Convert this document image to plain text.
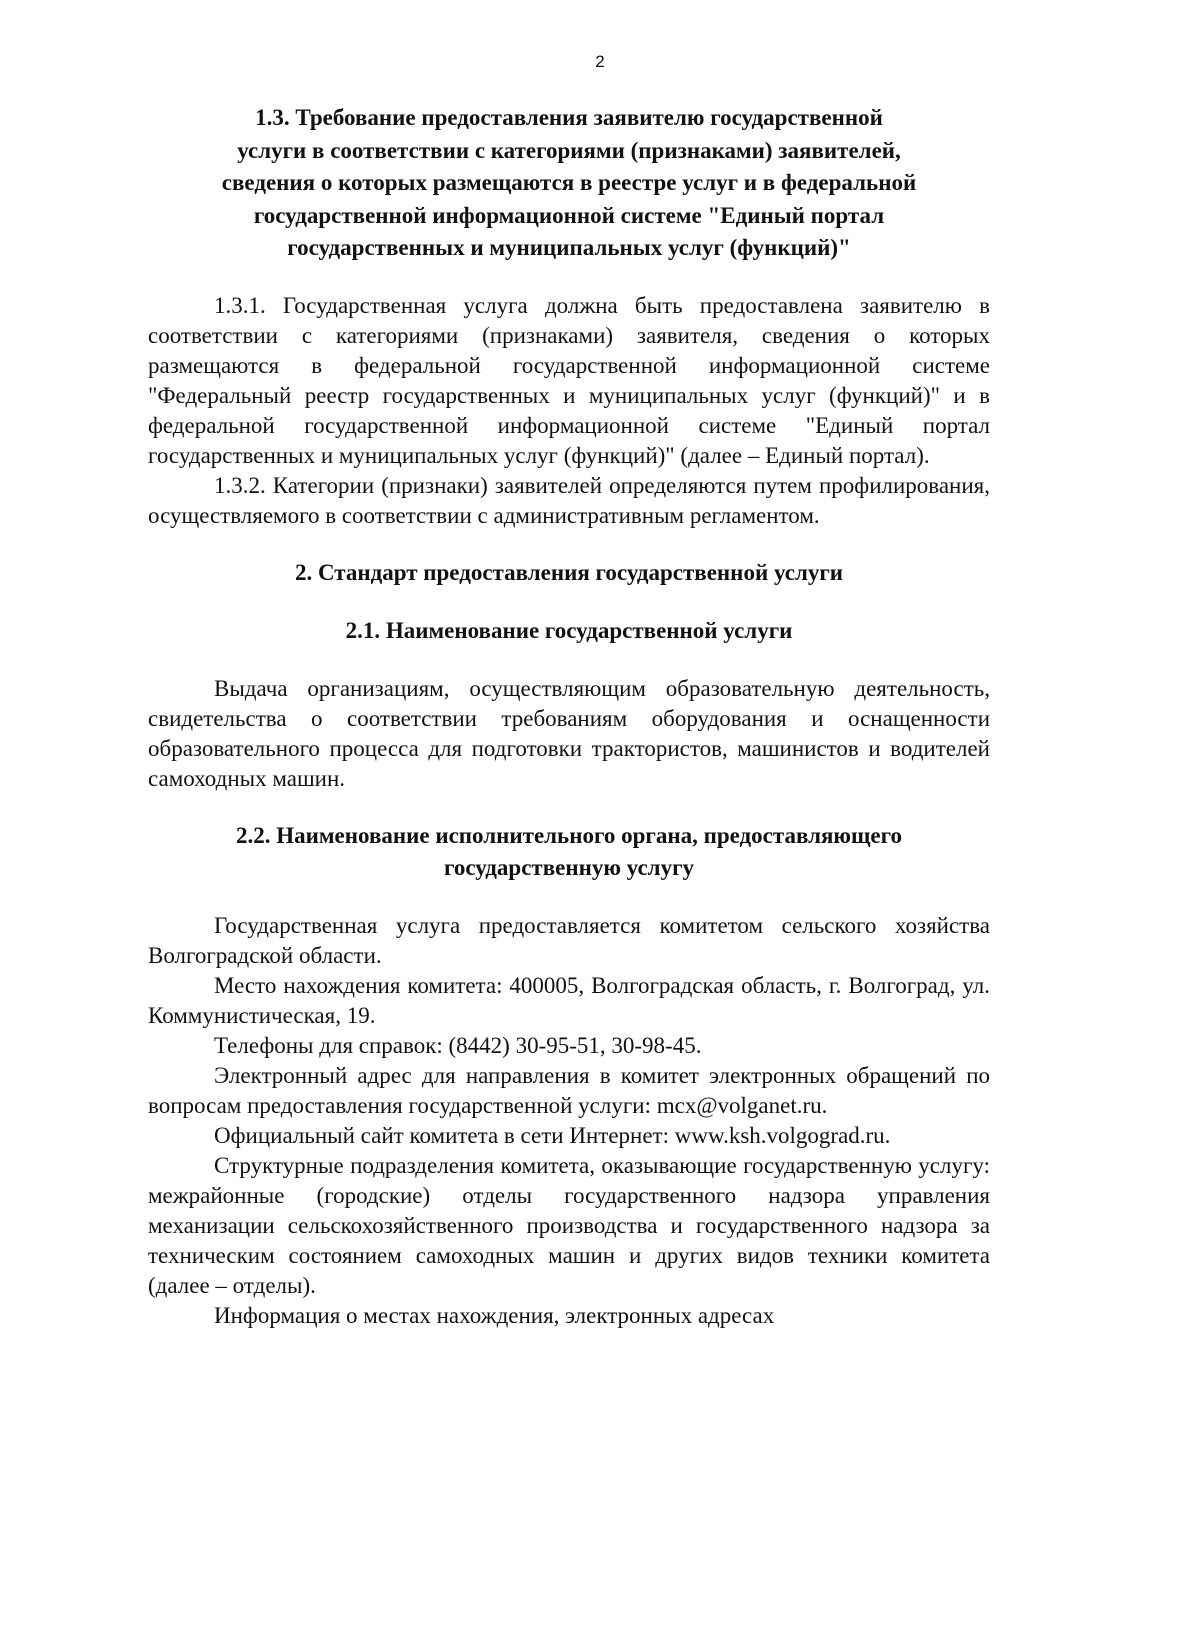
2
1.3. Требование предоставления заявителю государственной
услуги в соответствии с категориями (признаками) заявителей,
сведения о которых размещаются в реестре услуг и в федеральной
государственной информационной системе "Единый портал
государственных и муниципальных услуг (функций)"

1.3.1. Государственная услуга должна быть предоставлена заявителю в соответствии с категориями (признаками) заявителя, сведения о которых размещаются в федеральной государственной информационной системе "Федеральный реестр государственных и муниципальных услуг (функций)" и в федеральной государственной информационной системе "Единый портал государственных и муниципальных услуг (функций)" (далее – Единый портал).

1.3.2. Категории (признаки) заявителей определяются путем профилирования, осуществляемого в соответствии с административным регламентом.

2. Стандарт предоставления государственной услуги
2.1. Наименование государственной услуги

Выдача организациям, осуществляющим образовательную деятельность, свидетельства о соответствии требованиям оборудования и оснащенности образовательного процесса для подготовки трактористов, машинистов и водителей самоходных машин.

2.2. Наименование исполнительного органа, предоставляющего
государственную услугу

Государственная услуга предоставляется комитетом сельского хозяйства Волгоградской области.

Место нахождения комитета: 400005, Волгоградская область, г. Волгоград, ул. Коммунистическая, 19.

Телефоны для справок: (8442) 30-95-51, 30-98-45.

Электронный адрес для направления в комитет электронных обращений по вопросам предоставления государственной услуги: mcx@volganet.ru.

Официальный сайт комитета в сети Интернет: www.ksh.volgograd.ru.

Структурные подразделения комитета, оказывающие государственную услугу: межрайонные (городские) отделы государственного надзора управления механизации сельскохозяйственного производства и государственного надзора за техническим состоянием самоходных машин и других видов техники комитета (далее – отделы).

Информация о местах нахождения, электронных адресах
